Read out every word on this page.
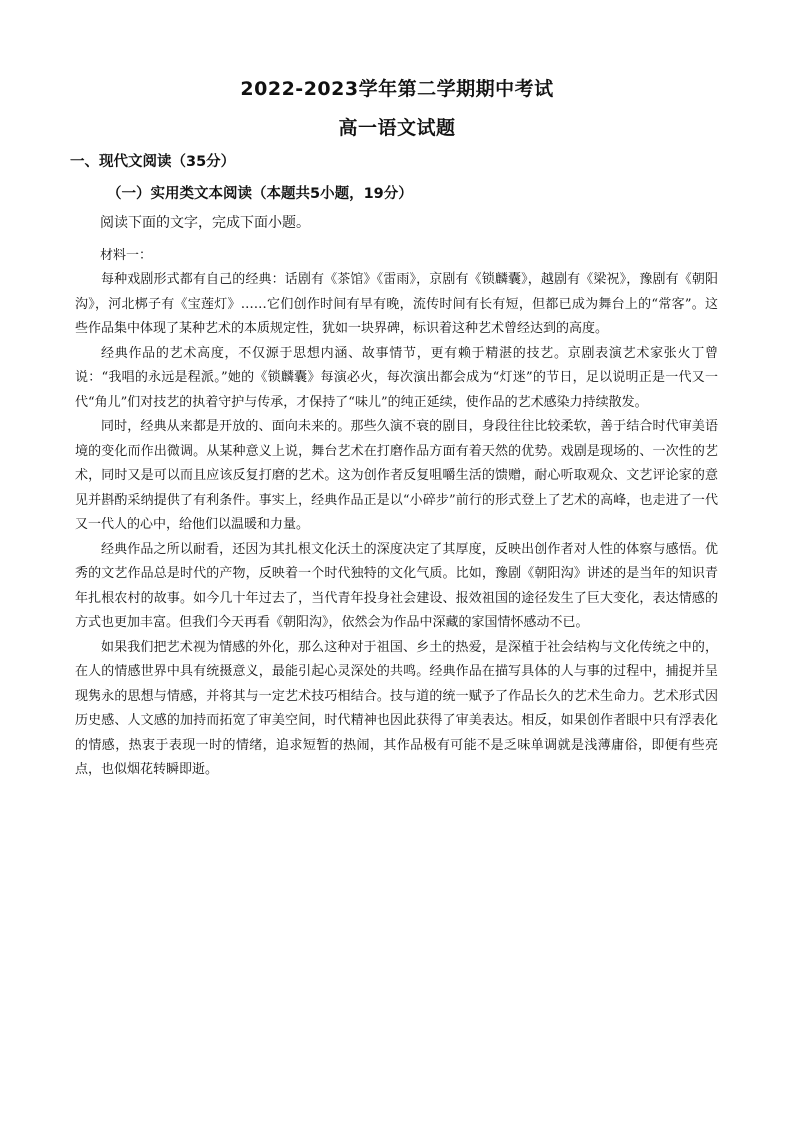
2022-2023学年第二学期期中考试
高一语文试题
一、现代文阅读（35分）
（一）实用类文本阅读（本题共5小题，19分）

阅读下面的文字，完成下面小题。

材料一：

每种戏剧形式都有自己的经典：话剧有《茶馆》《雷雨》，京剧有《锁麟囊》，越剧有《梁祝》，豫剧有《朝阳沟》，河北梆子有《宝莲灯》……它们创作时间有早有晚，流传时间有长有短，但都已成为舞台上的“常客”。这些作品集中体现了某种艺术的本质规定性，犹如一块界碑，标识着这种艺术曾经达到的高度。

经典作品的艺术高度，不仅源于思想内涵、故事情节，更有赖于精湛的技艺。京剧表演艺术家张火丁曾说：“我唱的永远是程派。”她的《锁麟囊》每演必火，每次演出都会成为“灯迷”的节日，足以说明正是一代又一代“角儿”们对技艺的执着守护与传承，才保持了“味儿”的纯正延续，使作品的艺术感染力持续散发。

同时，经典从来都是开放的、面向未来的。那些久演不衰的剧目，身段往往比较柔软，善于结合时代审美语境的变化而作出微调。从某种意义上说，舞台艺术在打磨作品方面有着天然的优势。戏剧是现场的、一次性的艺术，同时又是可以而且应该反复打磨的艺术。这为创作者反复咀嚼生活的馈赠，耐心听取观众、文艺评论家的意见并斟酌采纳提供了有利条件。事实上，经典作品正是以“小碎步”前行的形式登上了艺术的高峰，也走进了一代又一代人的心中，给他们以温暖和力量。

经典作品之所以耐看，还因为其扎根文化沃土的深度决定了其厚度，反映出创作者对人性的体察与感悟。优秀的文艺作品总是时代的产物，反映着一个时代独特的文化气质。比如，豫剧《朝阳沟》讲述的是当年的知识青年扎根农村的故事。如今几十年过去了，当代青年投身社会建设、报效祖国的途径发生了巨大变化，表达情感的方式也更加丰富。但我们今天再看《朝阳沟》，依然会为作品中深藏的家国情怀感动不已。

如果我们把艺术视为情感的外化，那么这种对于祖国、乡土的热爱，是深植于社会结构与文化传统之中的，在人的情感世界中具有统摄意义，最能引起心灵深处的共鸣。经典作品在描写具体的人与事的过程中，捕捉并呈现隽永的思想与情感，并将其与一定艺术技巧相结合。技与道的统一赋予了作品长久的艺术生命力。艺术形式因历史感、人文感的加持而拓宽了审美空间，时代精神也因此获得了审美表达。相反，如果创作者眼中只有浮表化的情感，热衷于表现一时的情绪，追求短暂的热闹，其作品极有可能不是乏味单调就是浅薄庸俗，即便有些亮点，也似烟花转瞬即逝。
